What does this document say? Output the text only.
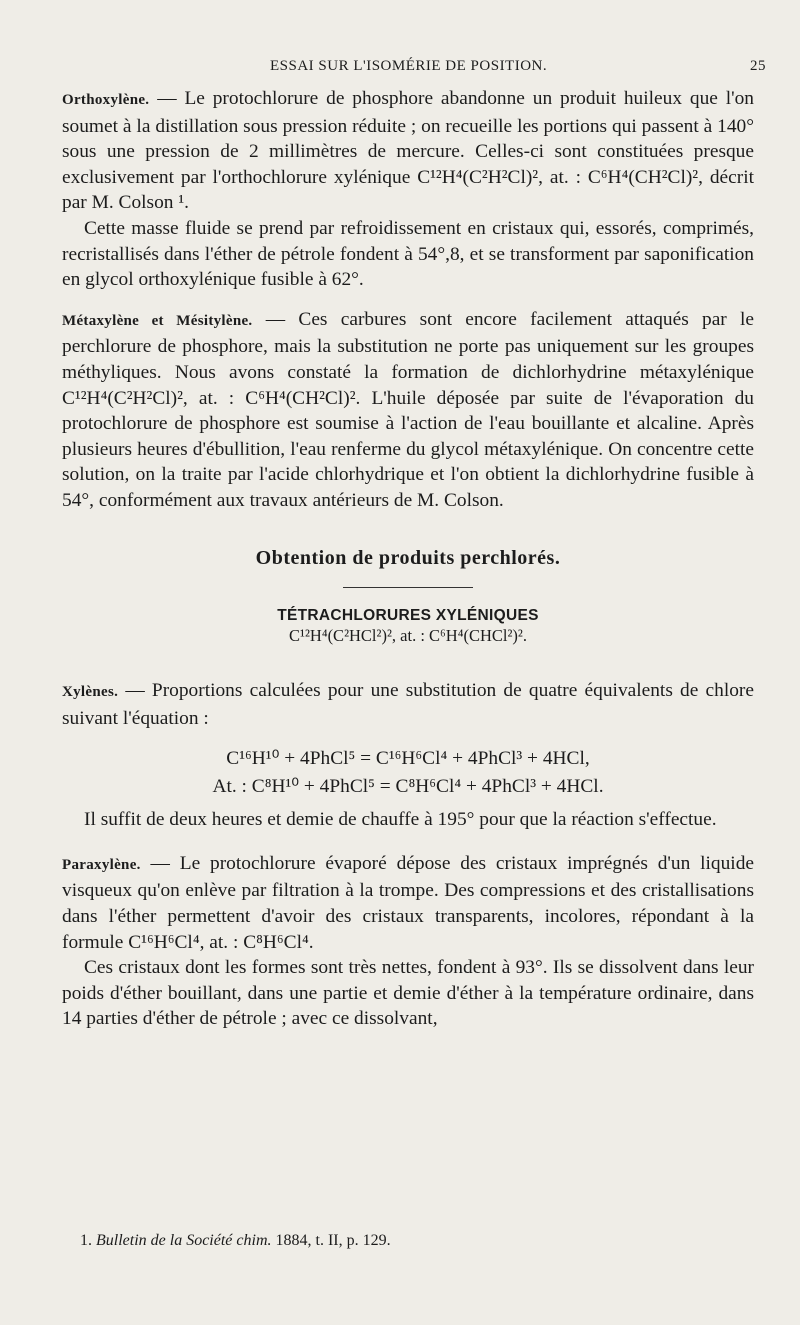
ESSAI SUR L'ISOMÉRIE DE POSITION.	25

Orthoxylène. — Le protochlorure de phosphore abandonne un produit huileux que l'on soumet à la distillation sous pression réduite ; on recueille les portions qui passent à 140° sous une pression de 2 millimètres de mercure. Celles-ci sont constituées presque exclusivement par l'orthochlorure xylénique C¹²H⁴(C²H²Cl)², at. : C⁶H⁴(CH²Cl)², décrit par M. Colson ¹.

Cette masse fluide se prend par refroidissement en cristaux qui, essorés, comprimés, recristallisés dans l'éther de pétrole fondent à 54°,8, et se transforment par saponification en glycol orthoxylénique fusible à 62°.

Métaxylène et Mésitylène. — Ces carbures sont encore facilement attaqués par le perchlorure de phosphore, mais la substitution ne porte pas uniquement sur les groupes méthyliques. Nous avons constaté la formation de dichlorhydrine métaxylénique C¹²H⁴(C²H²Cl)², at. : C⁶H⁴(CH²Cl)². L'huile déposée par suite de l'évaporation du protochlorure de phosphore est soumise à l'action de l'eau bouillante et alcaline. Après plusieurs heures d'ébullition, l'eau renferme du glycol métaxylénique. On concentre cette solution, on la traite par l'acide chlorhydrique et l'on obtient la dichlorhydrine fusible à 54°, conformément aux travaux antérieurs de M. Colson.

Obtention de produits perchlorés.
TÉTRACHLORURES XYLÉNIQUES
C¹²H⁴(C²HCl²)², at. : C⁶H⁴(CHCl²)².

Xylènes. — Proportions calculées pour une substitution de quatre équivalents de chlore suivant l'équation :

C¹⁶H¹⁰ + 4PhCl⁵ = C¹⁶H⁶Cl⁴ + 4PhCl³ + 4HCl,
At. : C⁸H¹⁰ + 4PhCl⁵ = C⁸H⁶Cl⁴ + 4PhCl³ + 4HCl.

Il suffit de deux heures et demie de chauffe à 195° pour que la réaction s'effectue.

Paraxylène. — Le protochlorure évaporé dépose des cristaux imprégnés d'un liquide visqueux qu'on enlève par filtration à la trompe. Des compressions et des cristallisations dans l'éther permettent d'avoir des cristaux transparents, incolores, répondant à la formule C¹⁶H⁶Cl⁴, at. : C⁸H⁶Cl⁴.

Ces cristaux dont les formes sont très nettes, fondent à 93°. Ils se dissolvent dans leur poids d'éther bouillant, dans une partie et demie d'éther à la température ordinaire, dans 14 parties d'éther de pétrole ; avec ce dissolvant,

1. Bulletin de la Société chim. 1884, t. II, p. 129.
